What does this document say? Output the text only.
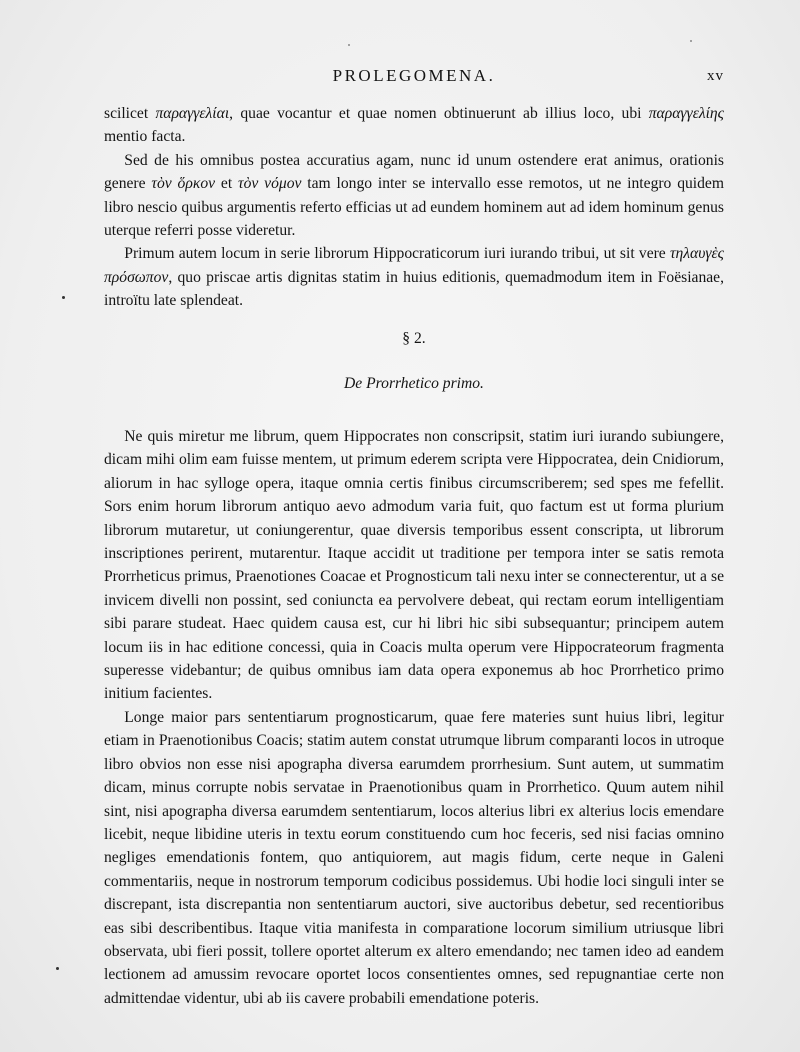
PROLEGOMENA.	xv

scilicet παραγγελίαι, quae vocantur et quae nomen obtinuerunt ab illius loco, ubi παραγγελίης mentio facta.

Sed de his omnibus postea accuratius agam, nunc id unum ostendere erat animus, orationis genere τὸν ὅρκον et τὸν νόμον tam longo inter se intervallo esse remotos, ut ne integro quidem libro nescio quibus argumentis referto efficias ut ad eundem hominem aut ad idem hominum genus uterque referri posse videretur.

Primum autem locum in serie librorum Hippocraticorum iuri iurando tribui, ut sit vere τηλαυγὲς πρόσωπον, quo priscae artis dignitas statim in huius editionis, quemadmodum item in Foësianae, introïtu late splendeat.

§ 2.
De Prorrhetico primo.

Ne quis miretur me librum, quem Hippocrates non conscripsit, statim iuri iurando subiungere, dicam mihi olim eam fuisse mentem, ut primum ederem scripta vere Hippocratea, dein Cnidiorum, aliorum in hac sylloge opera, itaque omnia certis finibus circumscriberem; sed spes me fefellit. Sors enim horum librorum antiquo aevo admodum varia fuit, quo factum est ut forma plurium librorum mutaretur, ut coniungerentur, quae diversis temporibus essent conscripta, ut librorum inscriptiones perirent, mutarentur. Itaque accidit ut traditione per tempora inter se satis remota Prorrheticus primus, Praenotiones Coacae et Prognosticum tali nexu inter se connecterentur, ut a se invicem divelli non possint, sed coniuncta ea pervolvere debeat, qui rectam eorum intelligentiam sibi parare studeat. Haec quidem causa est, cur hi libri hic sibi subsequantur; principem autem locum iis in hac editione concessi, quia in Coacis multa operum vere Hippocrateorum fragmenta superesse videbantur; de quibus omnibus iam data opera exponemus ab hoc Prorrhetico primo initium facientes.

Longe maior pars sententiarum prognosticarum, quae fere materies sunt huius libri, legitur etiam in Praenotionibus Coacis; statim autem constat utrumque librum comparanti locos in utroque libro obvios non esse nisi apographa diversa earumdem prorrhesium. Sunt autem, ut summatim dicam, minus corrupte nobis servatae in Praenotionibus quam in Prorrhetico. Quum autem nihil sint, nisi apographa diversa earumdem sententiarum, locos alterius libri ex alterius locis emendare licebit, neque libidine uteris in textu eorum constituendo cum hoc feceris, sed nisi facias omnino negliges emendationis fontem, quo antiquiorem, aut magis fidum, certe neque in Galeni commentariis, neque in nostrorum temporum codicibus possidemus. Ubi hodie loci singuli inter se discrepant, ista discrepantia non sententiarum auctori, sive auctoribus debetur, sed recentioribus eas sibi describentibus. Itaque vitia manifesta in comparatione locorum similium utriusque libri observata, ubi fieri possit, tollere oportet alterum ex altero emendando; nec tamen ideo ad eandem lectionem ad amussim revocare oportet locos consentientes omnes, sed repugnantiae certe non admittendae videntur, ubi ab iis cavere probabili emendatione poteris.
